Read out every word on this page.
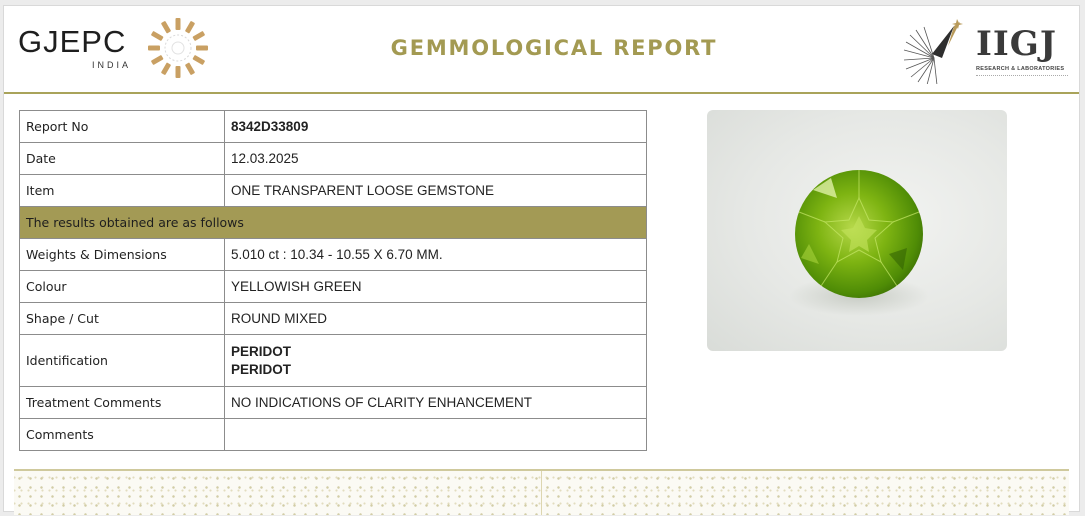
GJEPC
INDIA
GEMMOLOGICAL REPORT	IIGJ
RESEARCH & LABORATORIES
Report No	8342D33809
Date	12.03.2025
Item	ONE TRANSPARENT LOOSE GEMSTONE
The results obtained are as follows	
Weights & Dimensions	5.010 ct : 10.34 - 10.55 X 6.70 MM.
Colour	YELLOWISH GREEN
Shape / Cut	ROUND MIXED
Identification	PERIDOT
PERIDOT

Treatment Comments	NO INDICATIONS OF CLARITY ENHANCEMENT
Comments	
